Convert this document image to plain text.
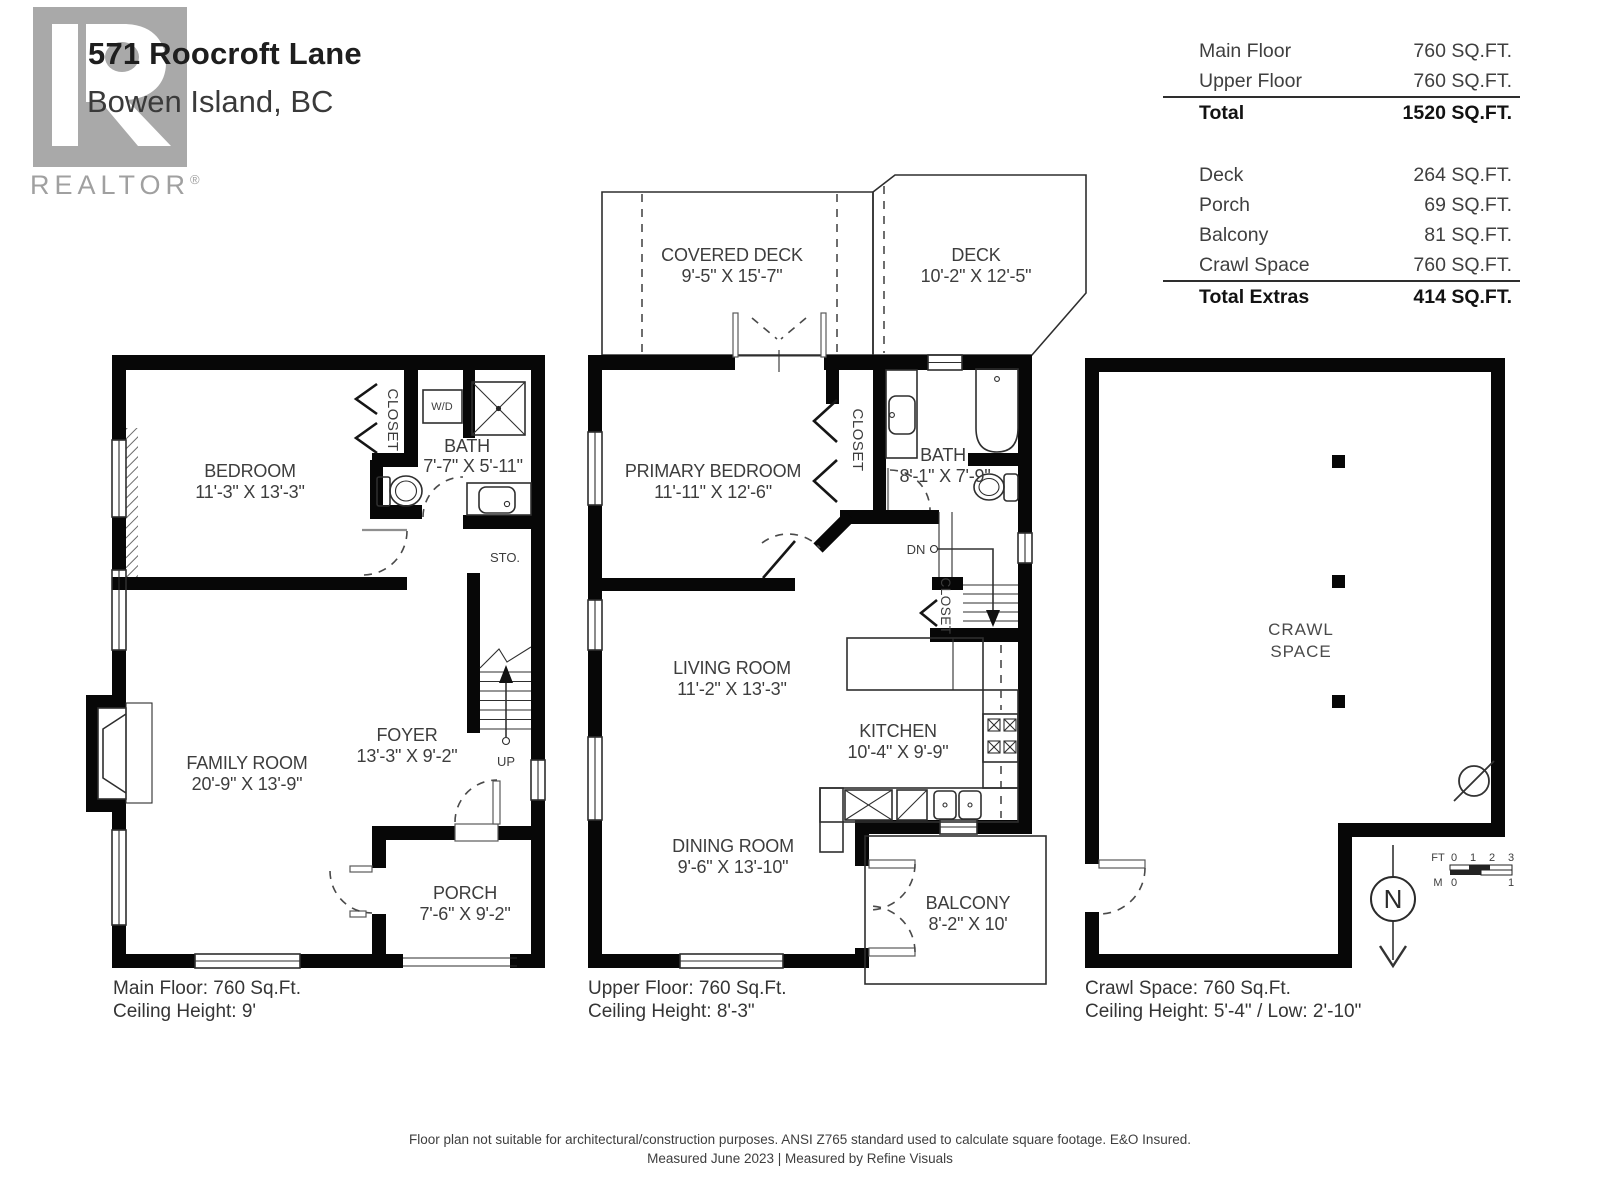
571 Roocroft Lane
Bowen Island, BC
REALTOR®
Main Floor	760 SQ.FT.
Upper Floor	760 SQ.FT.
Total	1520 SQ.FT.
Deck	264 SQ.FT.
Porch	69 SQ.FT.
Balcony	81 SQ.FT.
Crawl Space	760 SQ.FT.
Total Extras	414 SQ.FT.
W/D
UP
BEDROOM
11'-3" X 13'-3"
CLOSET BATH
7'-7" X 5'-11"
STO.
FAMILY ROOM
20'-9" X 13'-9"
FOYER
13'-3" X 9'-2"
PORCH
7'-6" X 9'-2"
COVERED DECK
9'-5" X 15'-7"
DECK
10'-2" X 12'-5"
DN
PRIMARY BEDROOM
11'-11" X 12'-6"
CLOSET	BATH
8'-1" X 7'-9"
CLOSET
LIVING ROOM
11'-2" X 13'-3"
KITCHEN
10'-4" X 9'-9"
DINING ROOM
9'-6" X 13'-10"
BALCONY
8'-2" X 10'
CRAWL
SPACE
N
FT 0 1 2 3
M 0	1
Main Floor: 760 Sq.Ft.
Ceiling Height: 9'
Upper Floor: 760 Sq.Ft.
Ceiling Height: 8'-3"
Crawl Space: 760 Sq.Ft.
Ceiling Height: 5'-4" / Low: 2'-10"
Floor plan not suitable for architectural/construction purposes. ANSI Z765 standard used to calculate square footage. E&O Insured.
Measured June 2023 | Measured by Refine Visuals
